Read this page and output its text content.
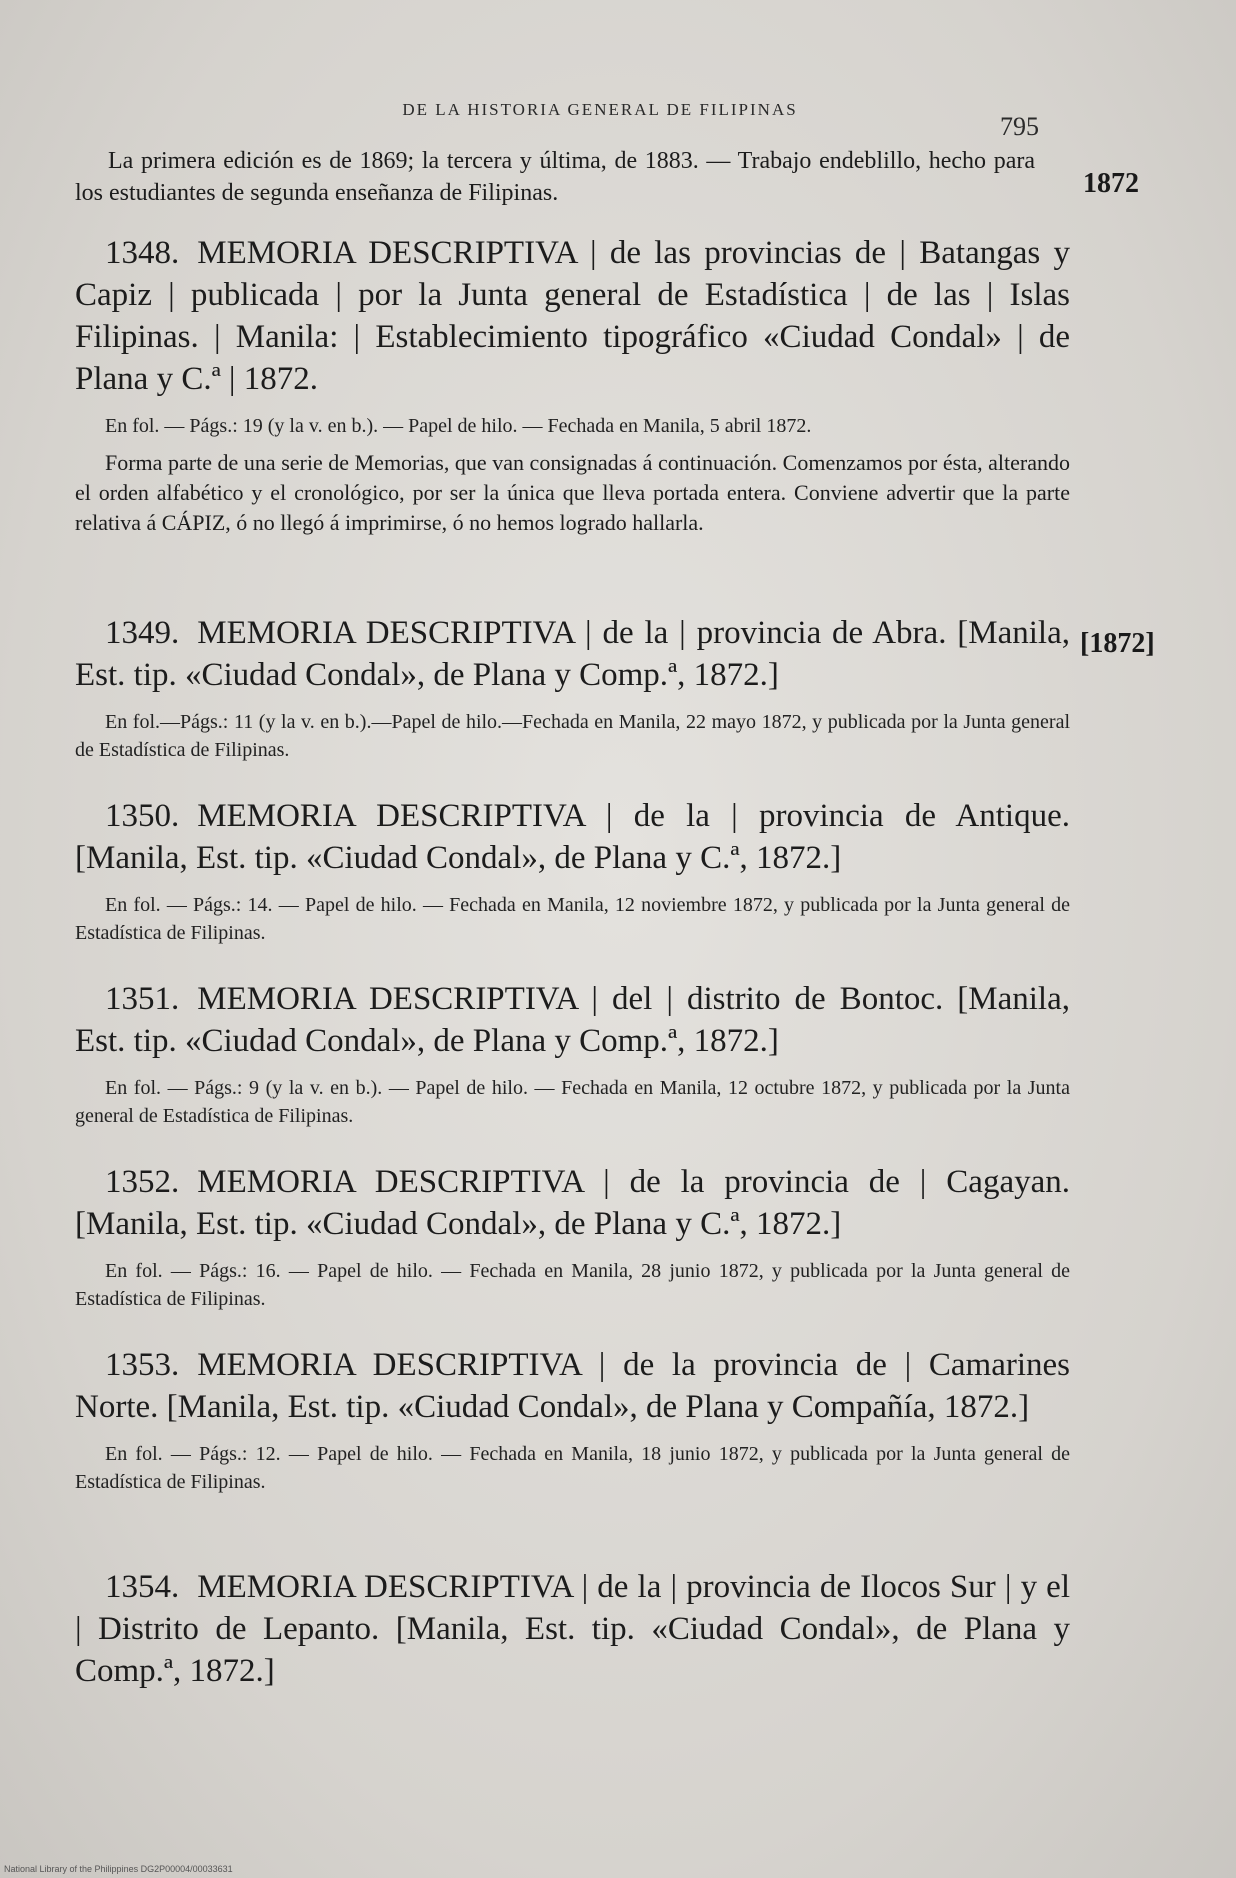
DE LA HISTORIA GENERAL DE FILIPINAS
795
1872
[1872]

La primera edición es de 1869; la tercera y última, de 1883. — Trabajo endeblillo, hecho para los estudiantes de segunda enseñanza de Filipinas.

1348. MEMORIA DESCRIPTIVA | de las provincias de | Batangas y Capiz | publicada | por la Junta general de Estadística | de las | Islas Filipinas. | Manila: | Establecimiento tipográfico «Ciudad Condal» | de Plana y C.ª | 1872.

En fol. — Págs.: 19 (y la v. en b.). — Papel de hilo. — Fechada en Manila, 5 abril 1872.

Forma parte de una serie de Memorias, que van consignadas á continuación. Comenzamos por ésta, alterando el orden alfabético y el cronológico, por ser la única que lleva portada entera. Conviene advertir que la parte relativa á CÁPIZ, ó no llegó á imprimirse, ó no hemos logrado hallarla.

1349. MEMORIA DESCRIPTIVA | de la | provincia de Abra. [Manila, Est. tip. «Ciudad Condal», de Plana y Comp.ª, 1872.]

En fol.—Págs.: 11 (y la v. en b.).—Papel de hilo.—Fechada en Manila, 22 mayo 1872, y publicada por la Junta general de Estadística de Filipinas.

1350. MEMORIA DESCRIPTIVA | de la | provincia de Antique. [Manila, Est. tip. «Ciudad Condal», de Plana y C.ª, 1872.]

En fol. — Págs.: 14. — Papel de hilo. — Fechada en Manila, 12 noviembre 1872, y publicada por la Junta general de Estadística de Filipinas.

1351. MEMORIA DESCRIPTIVA | del | distrito de Bontoc. [Manila, Est. tip. «Ciudad Condal», de Plana y Comp.ª, 1872.]

En fol. — Págs.: 9 (y la v. en b.). — Papel de hilo. — Fechada en Manila, 12 octubre 1872, y publicada por la Junta general de Estadística de Filipinas.

1352. MEMORIA DESCRIPTIVA | de la provincia de | Cagayan. [Manila, Est. tip. «Ciudad Condal», de Plana y C.ª, 1872.]

En fol. — Págs.: 16. — Papel de hilo. — Fechada en Manila, 28 junio 1872, y publicada por la Junta general de Estadística de Filipinas.

1353. MEMORIA DESCRIPTIVA | de la provincia de | Camarines Norte. [Manila, Est. tip. «Ciudad Condal», de Plana y Compañía, 1872.]

En fol. — Págs.: 12. — Papel de hilo. — Fechada en Manila, 18 junio 1872, y publicada por la Junta general de Estadística de Filipinas.

1354. MEMORIA DESCRIPTIVA | de la | provincia de Ilocos Sur | y el | Distrito de Lepanto. [Manila, Est. tip. «Ciudad Condal», de Plana y Comp.ª, 1872.]

National Library of the Philippines DG2P00004/00033631
